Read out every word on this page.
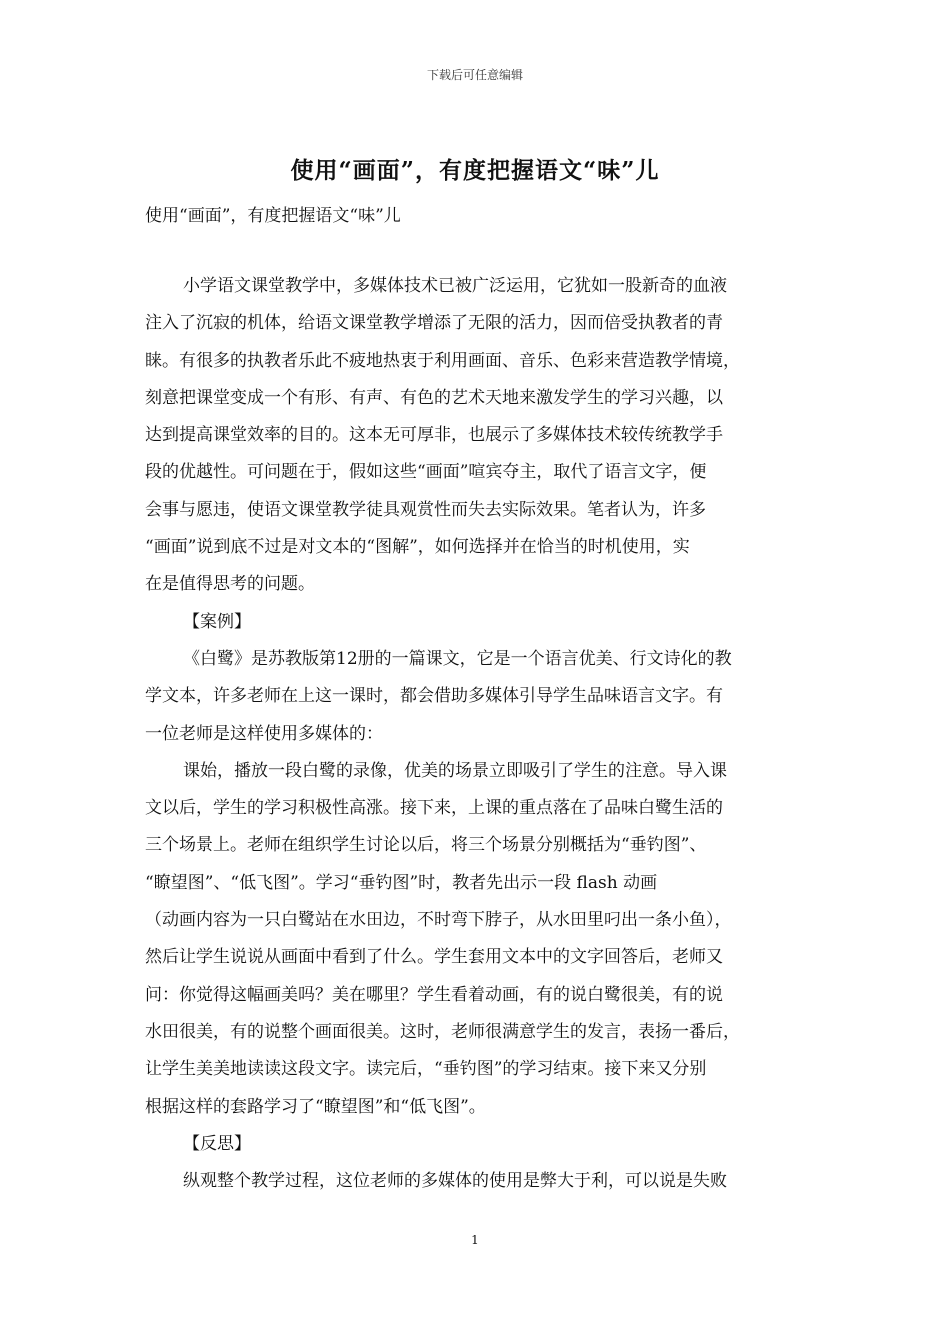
下载后可任意编辑
使用“画面”，有度把握语文“味”儿
使用“画面”，有度把握语文“味”儿
小学语文课堂教学中，多媒体技术已被广泛运用，它犹如一股新奇的血液
注入了沉寂的机体，给语文课堂教学增添了无限的活力，因而倍受执教者的青
睐。有很多的执教者乐此不疲地热衷于利用画面、音乐、色彩来营造教学情境，
刻意把课堂变成一个有形、有声、有色的艺术天地来激发学生的学习兴趣，以
达到提高课堂效率的目的。这本无可厚非，也展示了多媒体技术较传统教学手
段的优越性。可问题在于，假如这些“画面”喧宾夺主，取代了语言文字，便
会事与愿违，使语文课堂教学徒具观赏性而失去实际效果。笔者认为，许多
“画面”说到底不过是对文本的“图解”，如何选择并在恰当的时机使用，实
在是值得思考的问题。
【案例】
《白鹭》是苏教版第12册的一篇课文，它是一个语言优美、行文诗化的教
学文本，许多老师在上这一课时，都会借助多媒体引导学生品味语言文字。有
一位老师是这样使用多媒体的：
课始，播放一段白鹭的录像，优美的场景立即吸引了学生的注意。导入课
文以后，学生的学习积极性高涨。接下来，上课的重点落在了品味白鹭生活的
三个场景上。老师在组织学生讨论以后，将三个场景分别概括为“垂钓图”、
“瞭望图”、“低飞图”。学习“垂钓图”时，教者先出示一段 flash 动画
（动画内容为一只白鹭站在水田边，不时弯下脖子，从水田里叼出一条小鱼），
然后让学生说说从画面中看到了什么。学生套用文本中的文字回答后，老师又
问：你觉得这幅画美吗？美在哪里？学生看着动画，有的说白鹭很美，有的说
水田很美，有的说整个画面很美。这时，老师很满意学生的发言，表扬一番后，
让学生美美地读读这段文字。读完后，“垂钓图”的学习结束。接下来又分别
根据这样的套路学习了“瞭望图”和“低飞图”。
【反思】
纵观整个教学过程，这位老师的多媒体的使用是弊大于利，可以说是失败
1
